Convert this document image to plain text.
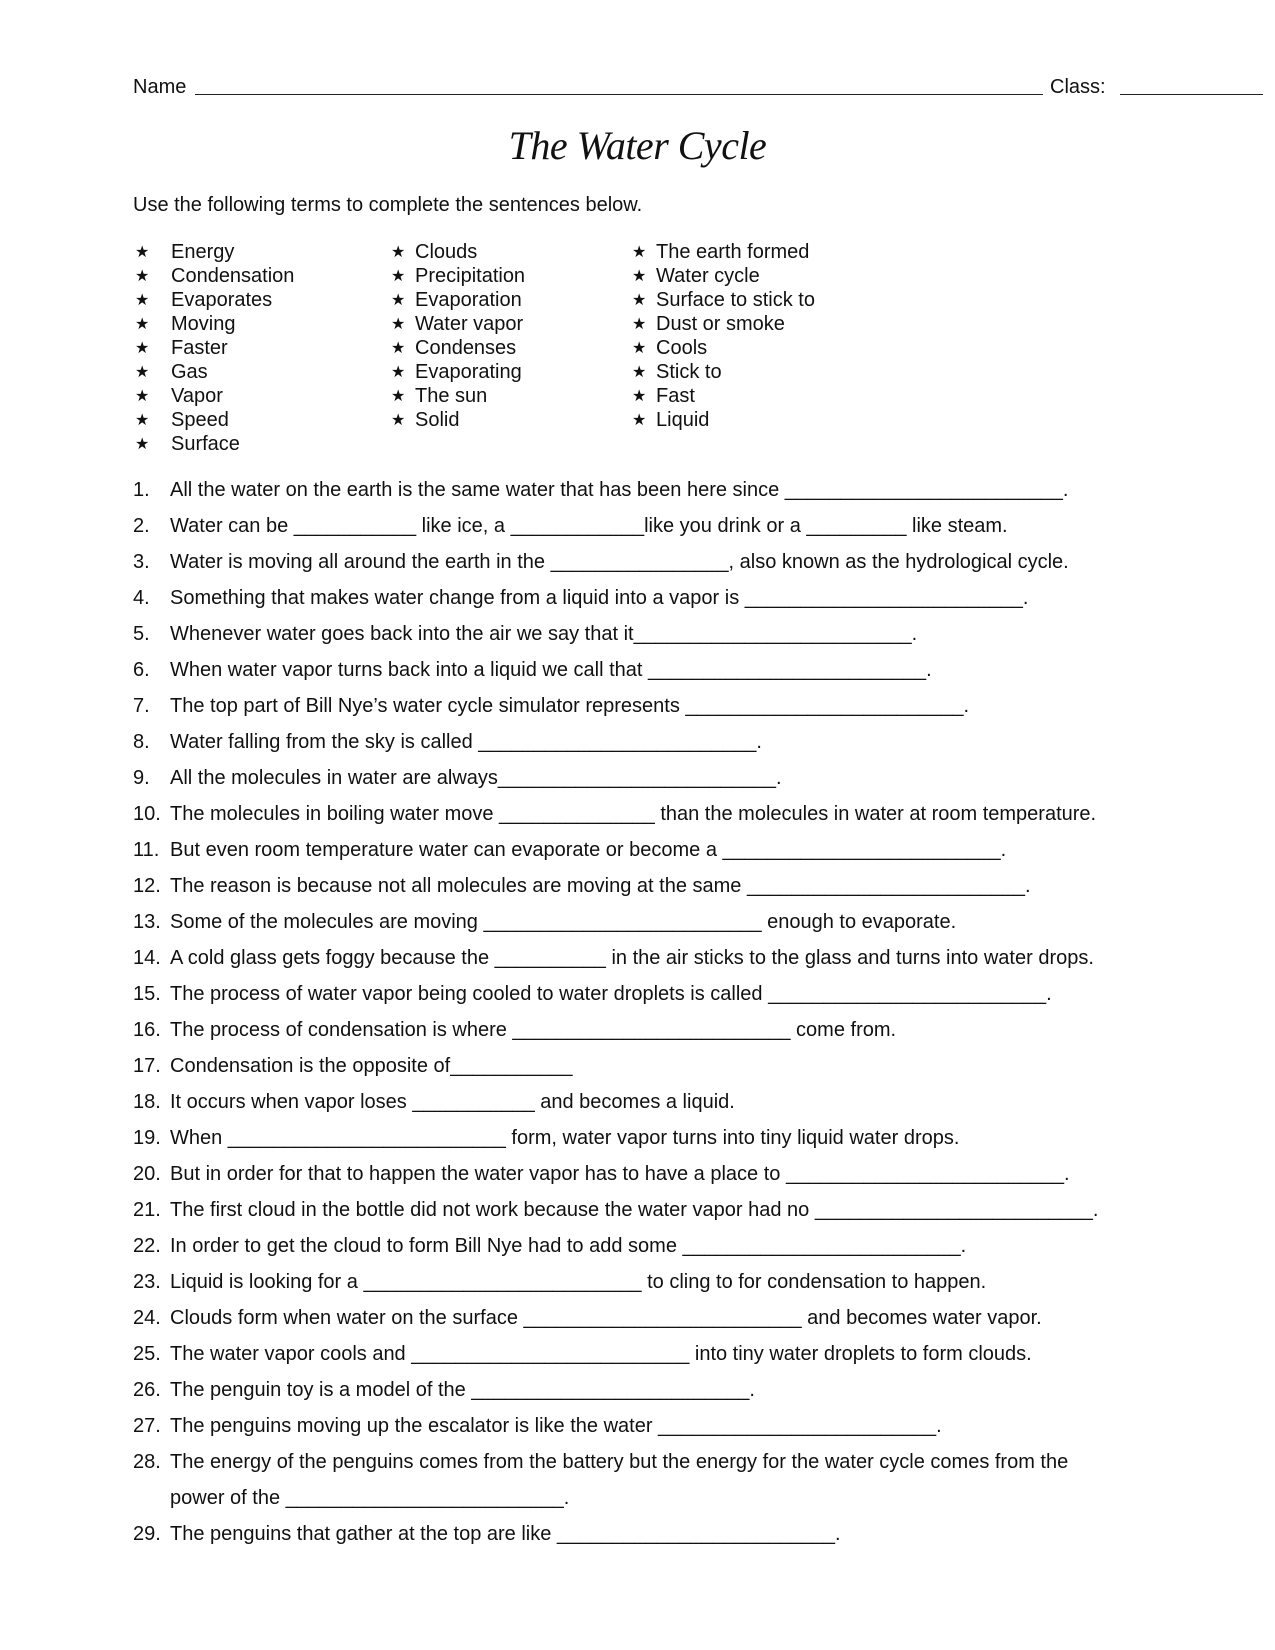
Name	Class:
The Water Cycle
Use the following terms to complete the sentences below.
★ Energy
★ Condensation
★ Evaporates
★ Moving
★ Faster
★ Gas
★ Vapor
★ Speed
★ Surface
★ Clouds
★ Precipitation
★ Evaporation
★ Water vapor
★ Condenses
★ Evaporating
★ The sun
★ Solid
★ The earth formed
★ Water cycle
★ Surface to stick to
★ Dust or smoke
★ Cools
★ Stick to
★ Fast
★ Liquid
1. All the water on the earth is the same water that has been here since _________________________.
2. Water can be ___________ like ice, a ____________like you drink or a _________ like steam.
3. Water is moving all around the earth in the ________________, also known as the hydrological cycle.
4. Something that makes water change from a liquid into a vapor is _________________________.
5. Whenever water goes back into the air we say that it_________________________.
6. When water vapor turns back into a liquid we call that _________________________.
7. The top part of Bill Nye’s water cycle simulator represents _________________________.
8. Water falling from the sky is called _________________________.
9. All the molecules in water are always_________________________.
10. The molecules in boiling water move ______________ than the molecules in water at room temperature.
11. But even room temperature water can evaporate or become a _________________________.
12. The reason is because not all molecules are moving at the same _________________________.
13. Some of the molecules are moving _________________________ enough to evaporate.
14. A cold glass gets foggy because the __________ in the air sticks to the glass and turns into water drops.
15. The process of water vapor being cooled to water droplets is called _________________________.
16. The process of condensation is where _________________________ come from.
17. Condensation is the opposite of___________
18. It occurs when vapor loses ___________ and becomes a liquid.
19. When _________________________ form, water vapor turns into tiny liquid water drops.
20. But in order for that to happen the water vapor has to have a place to _________________________.
21. The first cloud in the bottle did not work because the water vapor had no _________________________.
22. In order to get the cloud to form Bill Nye had to add some _________________________.
23. Liquid is looking for a _________________________ to cling to for condensation to happen.
24. Clouds form when water on the surface _________________________ and becomes water vapor.
25. The water vapor cools and _________________________ into tiny water droplets to form clouds.
26. The penguin toy is a model of the _________________________.
27. The penguins moving up the escalator is like the water _________________________.
28. The energy of the penguins comes from the battery but the energy for the water cycle comes from the power of the _________________________.
29. The penguins that gather at the top are like _________________________.
